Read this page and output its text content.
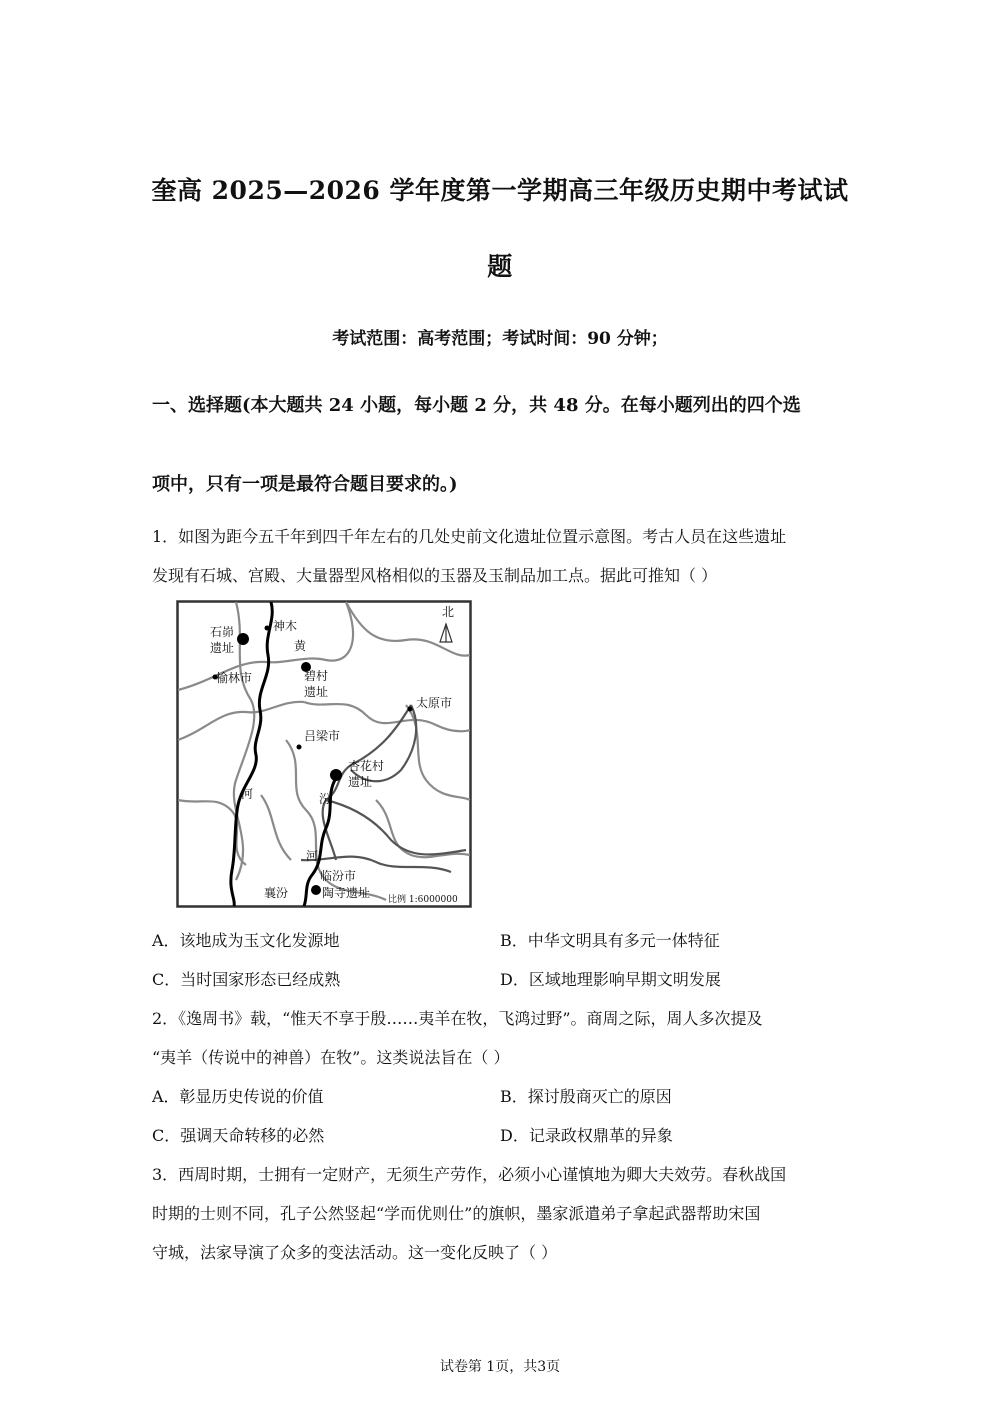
奎高 2025—2026 学年度第一学期高三年级历史期中考试试
题
考试范围：高考范围；考试时间：90 分钟；
一、选择题(本大题共 24 小题，每小题 2 分，共 48 分。在每小题列出的四个选
项中，只有一项是最符合题目要求的。)
1．如图为距今五千年到四千年左右的几处史前文化遗址位置示意图。考古人员在这些遗址
发现有石城、宫殿、大量器型风格相似的玉器及玉制品加工点。据此可推知（ ）
北
石峁
遗址
神木
黄
榆林市	碧村
遗址
太原市
吕梁市
杏花村
遗址
河	汾
河
临汾市
襄汾	陶寺遗址 比例 1:6000000
A．该地成为玉文化发源地	B．中华文明具有多元一体特征
C．当时国家形态已经成熟	D．区域地理影响早期文明发展
2．《逸周书》载，“惟天不享于殷……夷羊在牧，飞鸿过野”。商周之际，周人多次提及
“夷羊（传说中的神兽）在牧”。这类说法旨在（ ）
A．彰显历史传说的价值	B．探讨殷商灭亡的原因
C．强调天命转移的必然	D．记录政权鼎革的异象
3．西周时期，士拥有一定财产，无须生产劳作，必须小心谨慎地为卿大夫效劳。春秋战国
时期的士则不同，孔子公然竖起“学而优则仕”的旗帜，墨家派遣弟子拿起武器帮助宋国
守城，法家导演了众多的变法活动。这一变化反映了（ ）
试卷第 1页，共3页
